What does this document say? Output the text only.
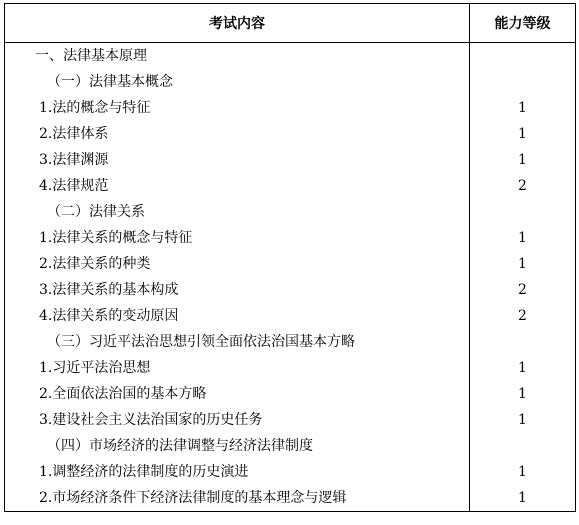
考试内容	能力等级
一、法律基本原理	
（一）法律基本概念	
1.法的概念与特征	1
2.法律体系	1
3.法律渊源	1
4.法律规范	2
（二）法律关系	
1.法律关系的概念与特征	1
2.法律关系的种类	1
3.法律关系的基本构成	2
4.法律关系的变动原因	2
（三）习近平法治思想引领全面依法治国基本方略	
1.习近平法治思想	1
2.全面依法治国的基本方略	1
3.建设社会主义法治国家的历史任务	1
（四）市场经济的法律调整与经济法律制度	
1.调整经济的法律制度的历史演进	1
2.市场经济条件下经济法律制度的基本理念与逻辑	1
